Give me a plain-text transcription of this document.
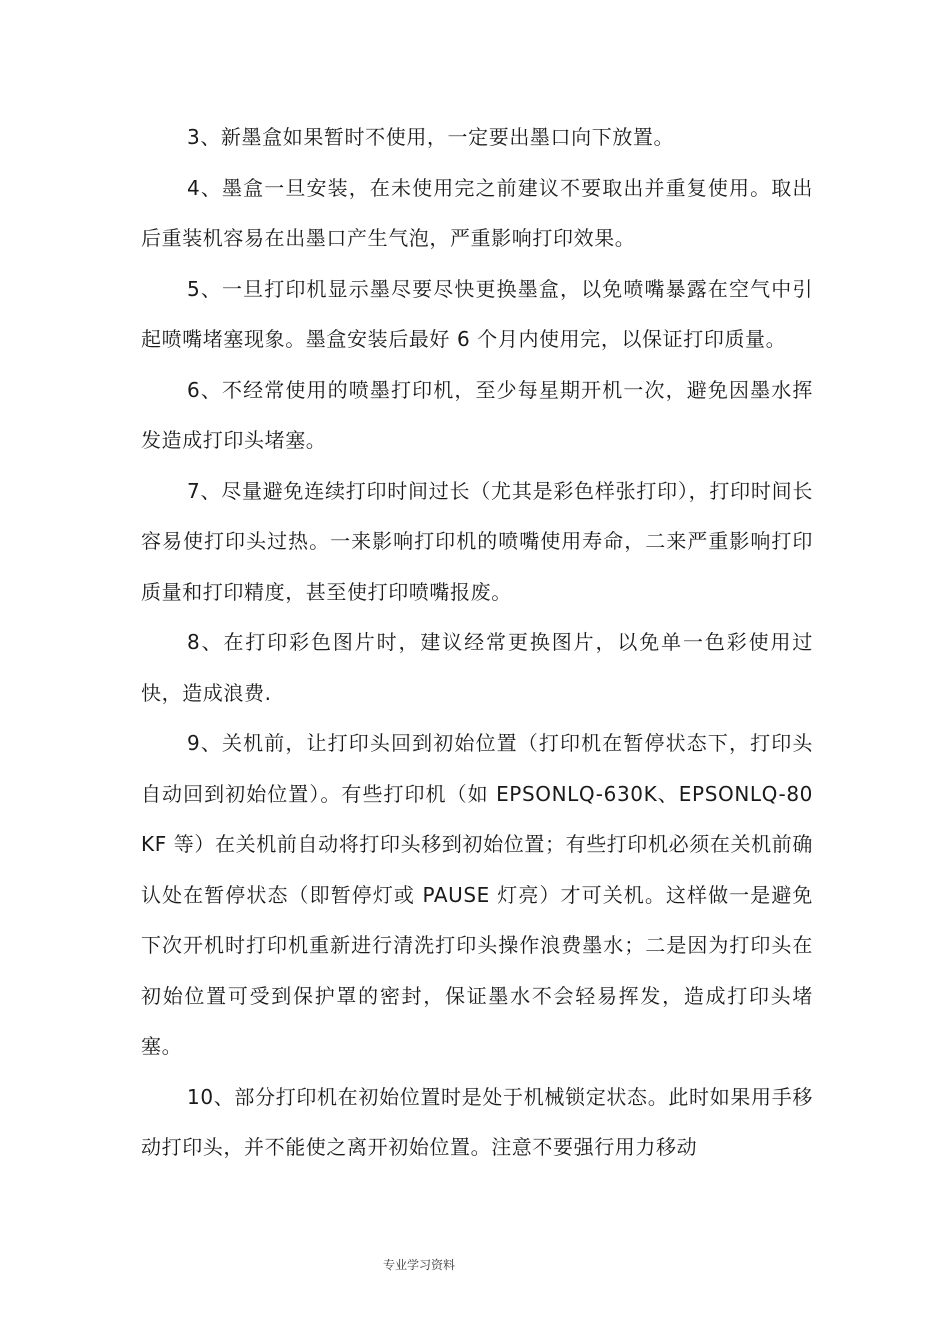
3、新墨盒如果暂时不使用，一定要出墨口向下放置。

4、墨盒一旦安装，在未使用完之前建议不要取出并重复使用。取出后重装机容易在出墨口产生气泡，严重影响打印效果。

5、一旦打印机显示墨尽要尽快更换墨盒，以免喷嘴暴露在空气中引起喷嘴堵塞现象。墨盒安装后最好 6 个月内使用完，以保证打印质量。

6、不经常使用的喷墨打印机，至少每星期开机一次，避免因墨水挥发造成打印头堵塞。

7、尽量避免连续打印时间过长（尤其是彩色样张打印），打印时间长容易使打印头过热。一来影响打印机的喷嘴使用寿命，二来严重影响打印质量和打印精度，甚至使打印喷嘴报废。

8、在打印彩色图片时，建议经常更换图片，以免单一色彩使用过快，造成浪费.

9、关机前，让打印头回到初始位置（打印机在暂停状态下，打印头自动回到初始位置）。有些打印机（如 EPSONLQ-630K、EPSONLQ-80KF 等）在关机前自动将打印头移到初始位置；有些打印机必须在关机前确认处在暂停状态（即暂停灯或 PAUSE 灯亮）才可关机。这样做一是避免下次开机时打印机重新进行清洗打印头操作浪费墨水；二是因为打印头在初始位置可受到保护罩的密封，保证墨水不会轻易挥发，造成打印头堵塞。

10、部分打印机在初始位置时是处于机械锁定状态。此时如果用手移动打印头，并不能使之离开初始位置。注意不要强行用力移动

专业学习资料
